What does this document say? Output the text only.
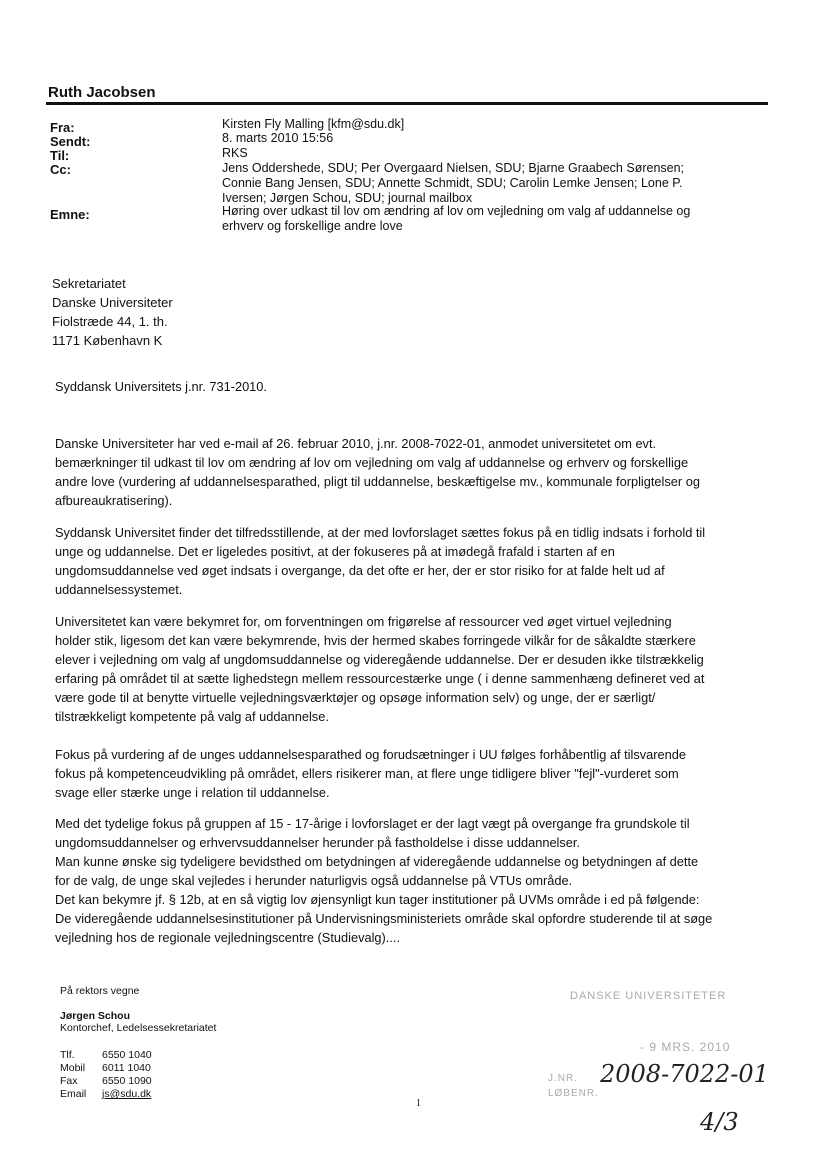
Ruth Jacobsen
Fra:
Sendt:
Til:
Cc:
Emne:
Kirsten Fly Malling [kfm@sdu.dk]
8. marts 2010 15:56
RKS
Jens Oddershede, SDU; Per Overgaard Nielsen, SDU; Bjarne Graabech Sørensen;
Connie Bang Jensen, SDU; Annette Schmidt, SDU; Carolin Lemke Jensen; Lone P.
Iversen; Jørgen Schou, SDU; journal mailbox
Høring over udkast til lov om ændring af lov om vejledning om valg af uddannelse og
erhverv og forskellige andre love
Sekretariatet
Danske Universiteter
Fiolstræde 44, 1. th.
1171 København K
Syddansk Universitets j.nr. 731-2010.
Danske Universiteter har ved e-mail af 26. februar 2010, j.nr. 2008-7022-01, anmodet universitetet om evt.
bemærkninger til udkast til lov om ændring af lov om vejledning om valg af uddannelse og erhverv og forskellige
andre love (vurdering af uddannelsesparathed, pligt til uddannelse, beskæftigelse mv., kommunale forpligtelser og
afbureaukratisering).
Syddansk Universitet finder det tilfredsstillende, at der med lovforslaget sættes fokus på en tidlig indsats i forhold til
unge og uddannelse. Det er ligeledes positivt, at der fokuseres på at imødegå frafald i starten af en
ungdomsuddannelse ved øget indsats i overgange, da det ofte er her, der er stor risiko for at falde helt ud af
uddannelsessystemet.
Universitetet kan være bekymret for, om forventningen om frigørelse af ressourcer ved øget virtuel vejledning
holder stik, ligesom det kan være bekymrende, hvis der hermed skabes forringede vilkår for de såkaldte stærkere
elever i vejledning om valg af ungdomsuddannelse og videregående uddannelse. Der er desuden ikke tilstrækkelig
erfaring på området til at sætte lighedstegn mellem ressourcestærke unge ( i denne sammenhæng defineret ved at
være gode til at benytte virtuelle vejledningsværktøjer og opsøge information selv) og unge, der er særligt/
tilstrækkeligt kompetente på valg af uddannelse.
Fokus på vurdering af de unges uddannelsesparathed og forudsætninger i UU følges forhåbentlig af tilsvarende
fokus på kompetenceudvikling på området, ellers risikerer man, at flere unge tidligere bliver "fejl"-vurderet som
svage eller stærke unge i relation til uddannelse.
Med det tydelige fokus på gruppen af 15 - 17-årige i lovforslaget er der lagt vægt på overgange fra grundskole til
ungdomsuddannelser og erhvervsuddannelser herunder på fastholdelse i disse uddannelser.
Man kunne ønske sig tydeligere bevidsthed om betydningen af videregående uddannelse og betydningen af dette
for de valg, de unge skal vejledes i herunder naturligvis også uddannelse på VTUs område.
Det kan bekymre jf. § 12b, at en så vigtig lov øjensynligt kun tager institutioner på UVMs område i ed på følgende:
De videregående uddannelsesinstitutioner på Undervisningsministeriets område skal opfordre studerende til at søge
vejledning hos de regionale vejledningscentre (Studievalg)....
På rektors vegne
Jørgen Schou
Kontorchef, Ledelsessekretariatet
Tlf.	6550 1040
Mobil 6011 1040
Fax 6550 1090
Email js@sdu.dk
1
DANSKE UNIVERSITETER
- 9 MRS. 2010
J.NR.
LØBENR.
2008-7022-01
4/3
